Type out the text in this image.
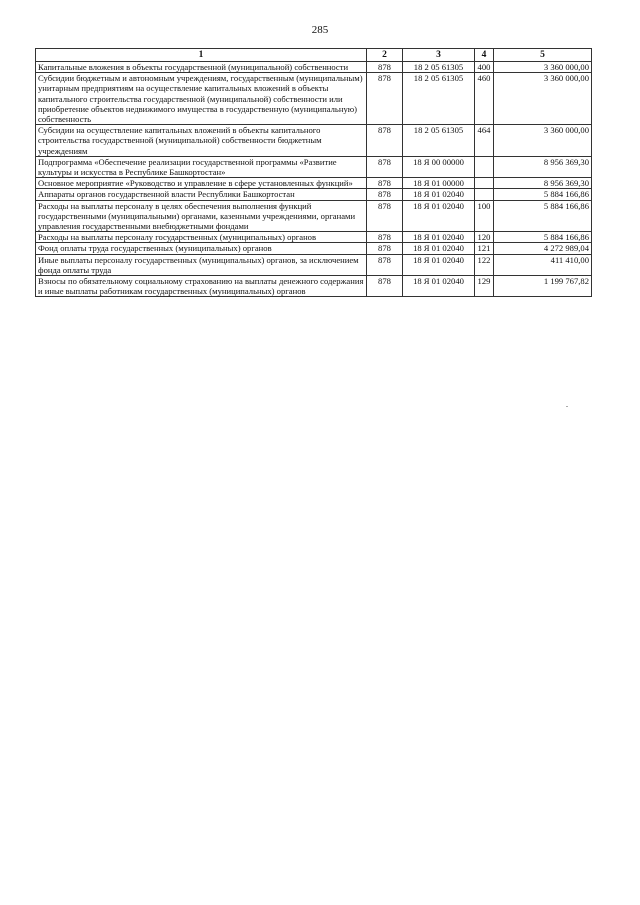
285
1	2	3	4	5
Капитальные вложения в объекты государственной (муниципальной) собственности	878	18 2 05 61305	400	3 360 000,00
Субсидии бюджетным и автономным учреждениям, государственным (муниципальным) унитарным предприятиям на осуществление капитальных вложений в объекты капитального строительства государственной (муниципальной) собственности или приобретение объектов недвижимого имущества в государственную (муниципальную) собственность	878	18 2 05 61305	460	3 360 000,00
Субсидии на осуществление капитальных вложений в объекты капитального строительства государственной (муниципальной) собственности бюджетным учреждениям	878	18 2 05 61305	464	3 360 000,00
Подпрограмма «Обеспечение реализации государственной программы «Развитие культуры и искусства в Республике Башкортостан»	878	18 Я 00 00000		8 956 369,30
Основное мероприятие «Руководство и управление в сфере установленных функций»	878	18 Я 01 00000		8 956 369,30
Аппараты органов государственной власти Республики Башкортостан	878	18 Я 01 02040		5 884 166,86
Расходы на выплаты персоналу в целях обеспечения выполнения функций государственными (муниципальными) органами, казенными учреждениями, органами управления государственными внебюджетными фондами	878	18 Я 01 02040	100	5 884 166,86
Расходы на выплаты персоналу государственных (муниципальных) органов	878	18 Я 01 02040	120	5 884 166,86
Фонд оплаты труда государственных (муниципальных) органов	878	18 Я 01 02040	121	4 272 989,04
Иные выплаты персоналу государственных (муниципальных) органов, за исключением фонда оплаты труда	878	18 Я 01 02040	122	411 410,00
Взносы по обязательному социальному страхованию на выплаты денежного содержания и иные выплаты работникам государственных (муниципальных) органов	878	18 Я 01 02040	129	1 199 767,82
